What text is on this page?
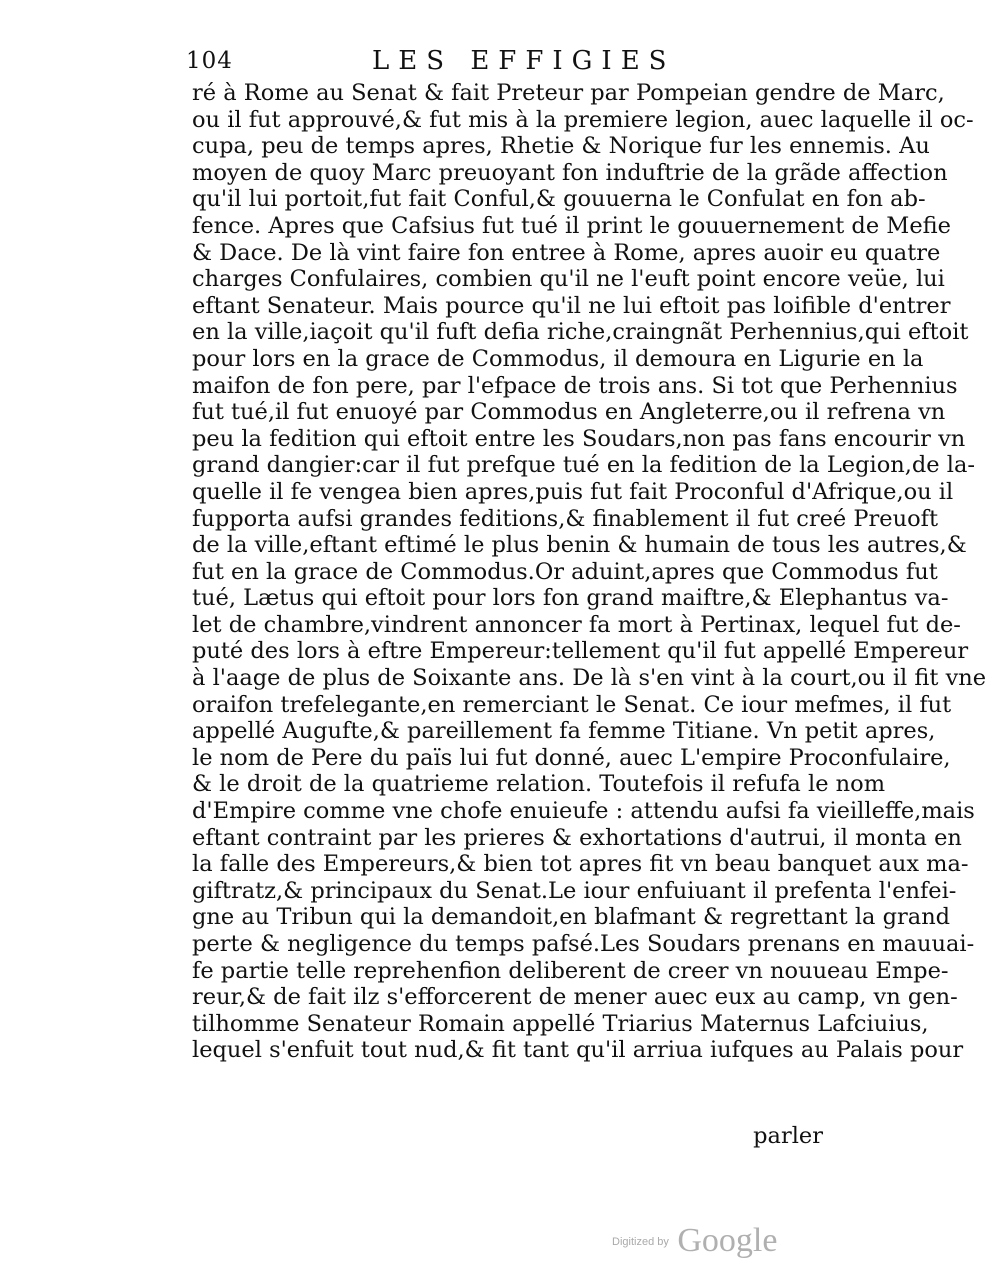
104	LES EFFIGIES
ré à Rome au Senat & fait Preteur par Pompeian gendre de Marc,
ou il fut approuvé,& fut mis à la premiere legion, auec laquelle il oc-
cupa, peu de temps apres, Rhetie & Norique fur les ennemis. Au
moyen de quoy Marc preuoyant fon induftrie de la grãde affection
qu'il lui portoit,fut fait Conful,& gouuerna le Confulat en fon ab-
fence. Apres que Cafsius fut tué il print le gouuernement de Mefie
& Dace. De là vint faire fon entree à Rome, apres auoir eu quatre
charges Confulaires, combien qu'il ne l'euft point encore veüe, lui
eftant Senateur. Mais pource qu'il ne lui eftoit pas loifible d'entrer
en la ville,iaçoit qu'il fuft defia riche,craingnãt Perhennius,qui eftoit
pour lors en la grace de Commodus, il demoura en Ligurie en la
maifon de fon pere, par l'efpace de trois ans. Si tot que Perhennius
fut tué,il fut enuoyé par Commodus en Angleterre,ou il refrena vn
peu la fedition qui eftoit entre les Soudars,non pas fans encourir vn
grand dangier:car il fut prefque tué en la fedition de la Legion,de la-
quelle il fe vengea bien apres,puis fut fait Proconful d'Afrique,ou il
fupporta aufsi grandes feditions,& finablement il fut creé Preuoft
de la ville,eftant eftimé le plus benin & humain de tous les autres,&
fut en la grace de Commodus.Or aduint,apres que Commodus fut
tué, Lætus qui eftoit pour lors fon grand maiftre,& Elephantus va-
let de chambre,vindrent annoncer fa mort à Pertinax, lequel fut de-
puté des lors à eftre Empereur:tellement qu'il fut appellé Empereur
à l'aage de plus de Soixante ans. De là s'en vint à la court,ou il fit vne
oraifon trefelegante,en remerciant le Senat. Ce iour mefmes, il fut
appellé Augufte,& pareillement fa femme Titiane. Vn petit apres,
le nom de Pere du païs lui fut donné, auec L'empire Proconfulaire,
& le droit de la quatrieme relation. Toutefois il refufa le nom
d'Empire comme vne chofe enuieufe : attendu aufsi fa vieilleffe,mais
eftant contraint par les prieres & exhortations d'autrui, il monta en
la falle des Empereurs,& bien tot apres fit vn beau banquet aux ma-
giftratz,& principaux du Senat.Le iour enfuiuant il prefenta l'enfei-
gne au Tribun qui la demandoit,en blafmant & regrettant la grand
perte & negligence du temps pafsé.Les Soudars prenans en mauuai-
fe partie telle reprehenfion deliberent de creer vn nouueau Empe-
reur,& de fait ilz s'efforcerent de mener auec eux au camp, vn gen-
tilhomme Senateur Romain appellé Triarius Maternus Lafciuius,
lequel s'enfuit tout nud,& fit tant qu'il arriua iufques au Palais pour
parler
$^{Digitized by}$ Google
